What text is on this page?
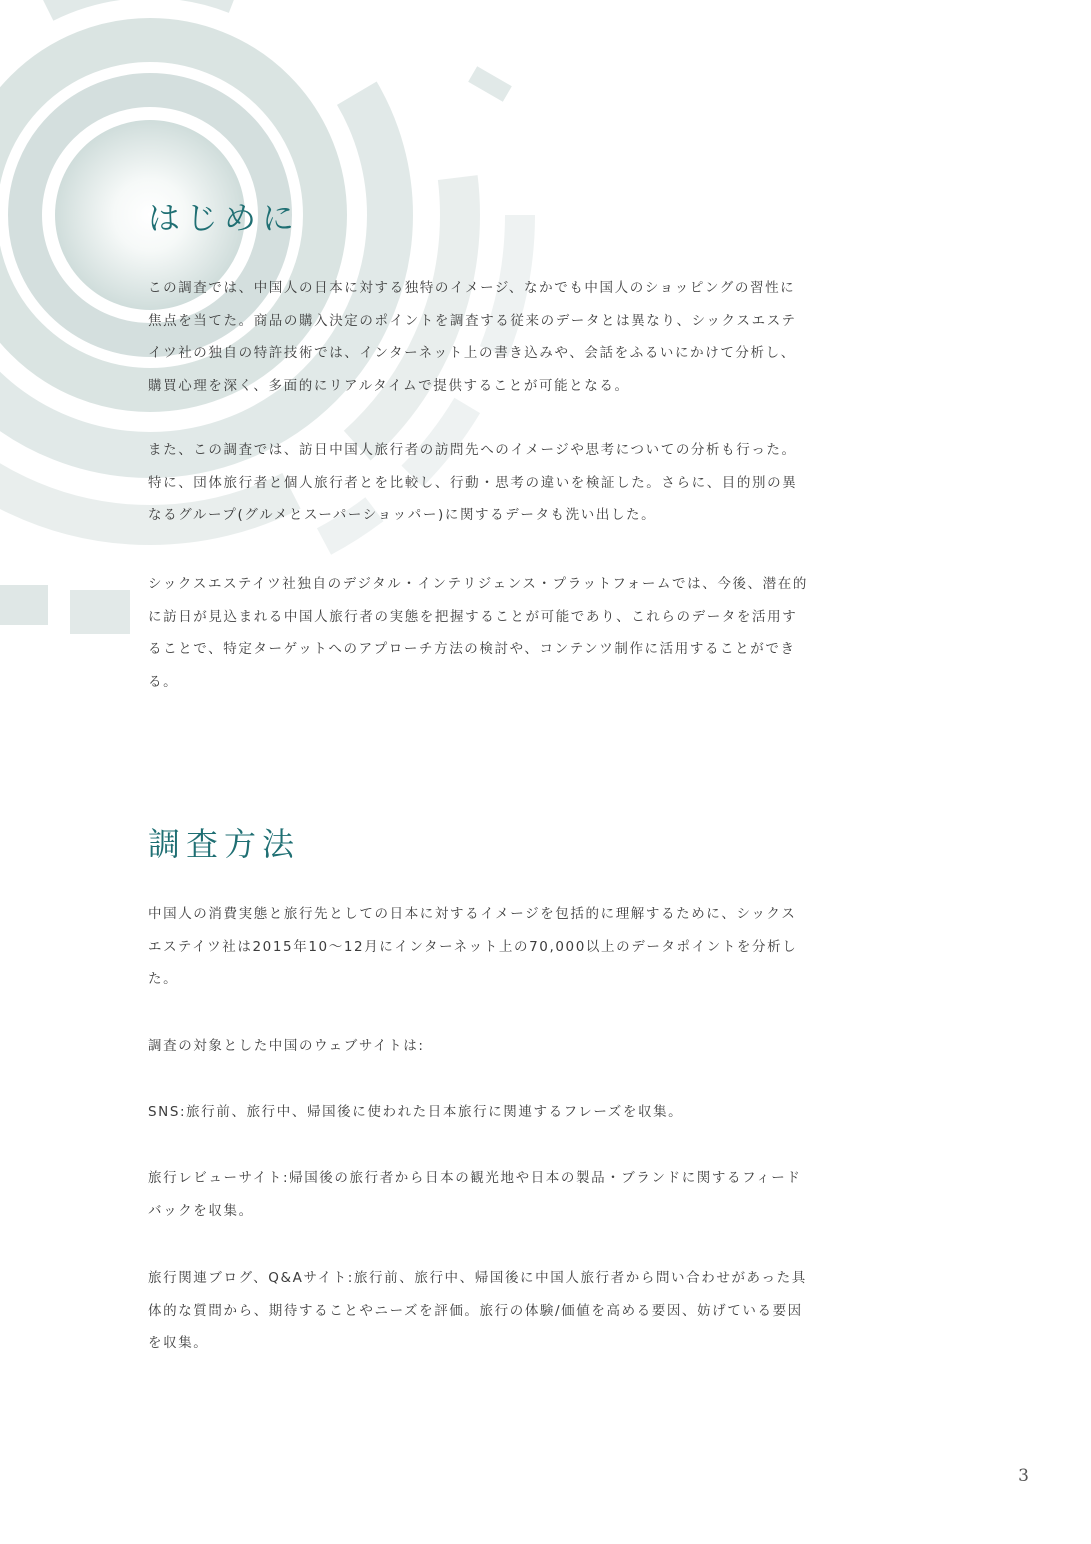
はじめに

この調査では、中国人の日本に対する独特のイメージ、なかでも中国人のショッピングの習性に焦点を当てた。商品の購入決定のポイントを調査する従来のデータとは異なり、シックスエステイツ社の独自の特許技術では、インターネット上の書き込みや、会話をふるいにかけて分析し、購買心理を深く、多面的にリアルタイムで提供することが可能となる。

また、この調査では、訪日中国人旅行者の訪問先へのイメージや思考についての分析も行った。特に、団体旅行者と個人旅行者とを比較し、行動・思考の違いを検証した。さらに、目的別の異なるグループ(グルメとスーパーショッパー)に関するデータも洗い出した。

シックスエステイツ社独自のデジタル・インテリジェンス・プラットフォームでは、今後、潜在的に訪日が見込まれる中国人旅行者の実態を把握することが可能であり、これらのデータを活用することで、特定ターゲットへのアプローチ方法の検討や、コンテンツ制作に活用することができる。

調査方法

中国人の消費実態と旅行先としての日本に対するイメージを包括的に理解するために、シックスエステイツ社は2015年10〜12月にインターネット上の70,000以上のデータポイントを分析した。

調査の対象とした中国のウェブサイトは:

SNS:旅行前、旅行中、帰国後に使われた日本旅行に関連するフレーズを収集。

旅行レビューサイト:帰国後の旅行者から日本の観光地や日本の製品・ブランドに関するフィードバックを収集。

旅行関連ブログ、Q&Aサイト:旅行前、旅行中、帰国後に中国人旅行者から問い合わせがあった具体的な質問から、期待することやニーズを評価。旅行の体験/価値を高める要因、妨げている要因を収集。

3
